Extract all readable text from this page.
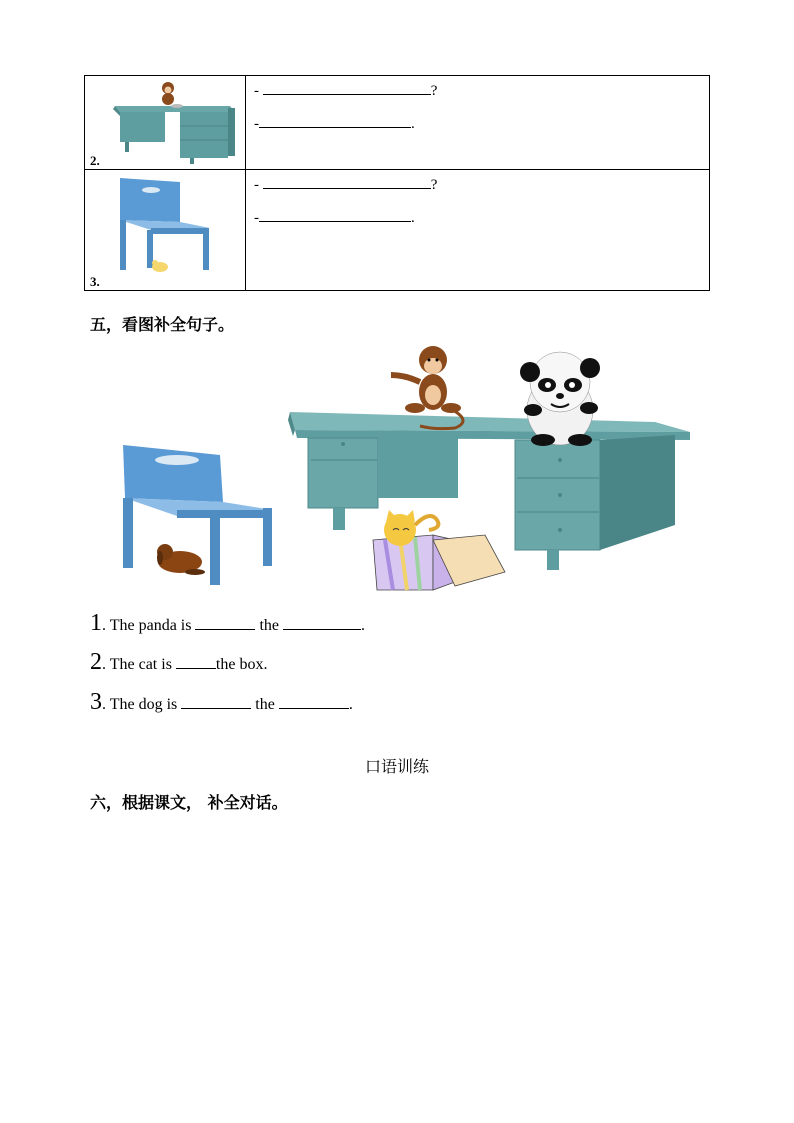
2.	- ?
- .

3.	- ?
- .
五，看图补全句子。
1. The panda is	the	.
2. The cat is	the box.
3. The dog is	the	.
口语训练
六，根据课文， 补全对话。
